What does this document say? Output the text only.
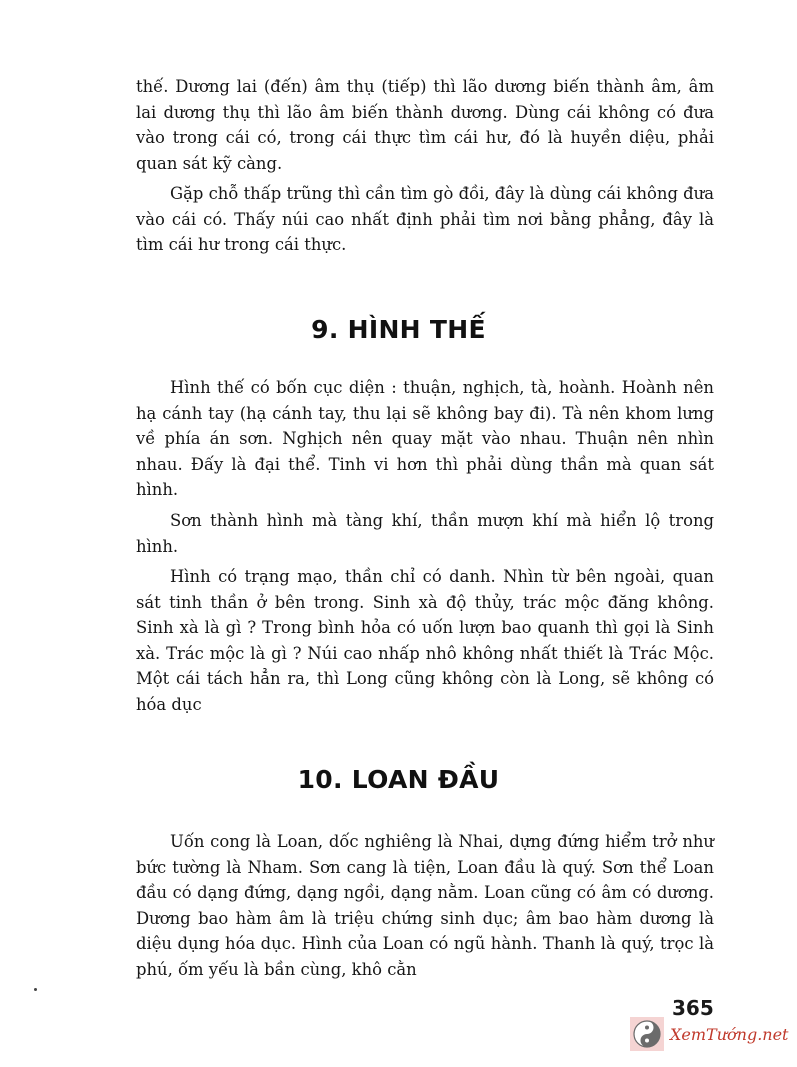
thế. Dương lai (đến) âm thụ (tiếp) thì lão dương biến thành âm, âm lai dương thụ thì lão âm biến thành dương. Dùng cái không có đưa vào trong cái có, trong cái thực tìm cái hư, đó là huyền diệu, phải quan sát kỹ càng.

Gặp chỗ thấp trũng thì cần tìm gò đồi, đây là dùng cái không đưa vào cái có. Thấy núi cao nhất định phải tìm nơi bằng phẳng, đây là tìm cái hư trong cái thực.

9. HÌNH THẾ

Hình thế có bốn cục diện : thuận, nghịch, tà, hoành. Hoành nên hạ cánh tay (hạ cánh tay, thu lại sẽ không bay đi). Tà nên khom lưng về phía án sơn. Nghịch nên quay mặt vào nhau. Thuận nên nhìn nhau. Đấy là đại thể. Tinh vi hơn thì phải dùng thần mà quan sát hình.

Sơn thành hình mà tàng khí, thần mượn khí mà hiển lộ trong hình.

Hình có trạng mạo, thần chỉ có danh. Nhìn từ bên ngoài, quan sát tinh thần ở bên trong. Sinh xà độ thủy, trác mộc đăng không. Sinh xà là gì ? Trong bình hỏa có uốn lượn bao quanh thì gọi là Sinh xà. Trác mộc là gì ? Núi cao nhấp nhô không nhất thiết là Trác Mộc. Một cái tách hẳn ra, thì Long cũng không còn là Long, sẽ không có hóa dục

10. LOAN ĐẦU

Uốn cong là Loan, dốc nghiêng là Nhai, dựng đứng hiểm trở như bức tường là Nham. Sơn cang là tiện, Loan đầu là quý. Sơn thể Loan đầu có dạng đứng, dạng ngồi, dạng nằm. Loan cũng có âm có dương. Dương bao hàm âm là triệu chứng sinh dục; âm bao hàm dương là diệu dụng hóa dục. Hình của Loan có ngũ hành. Thanh là quý, trọc là phú, ốm yếu là bần cùng, khô cằn

365
XemTướng.net
